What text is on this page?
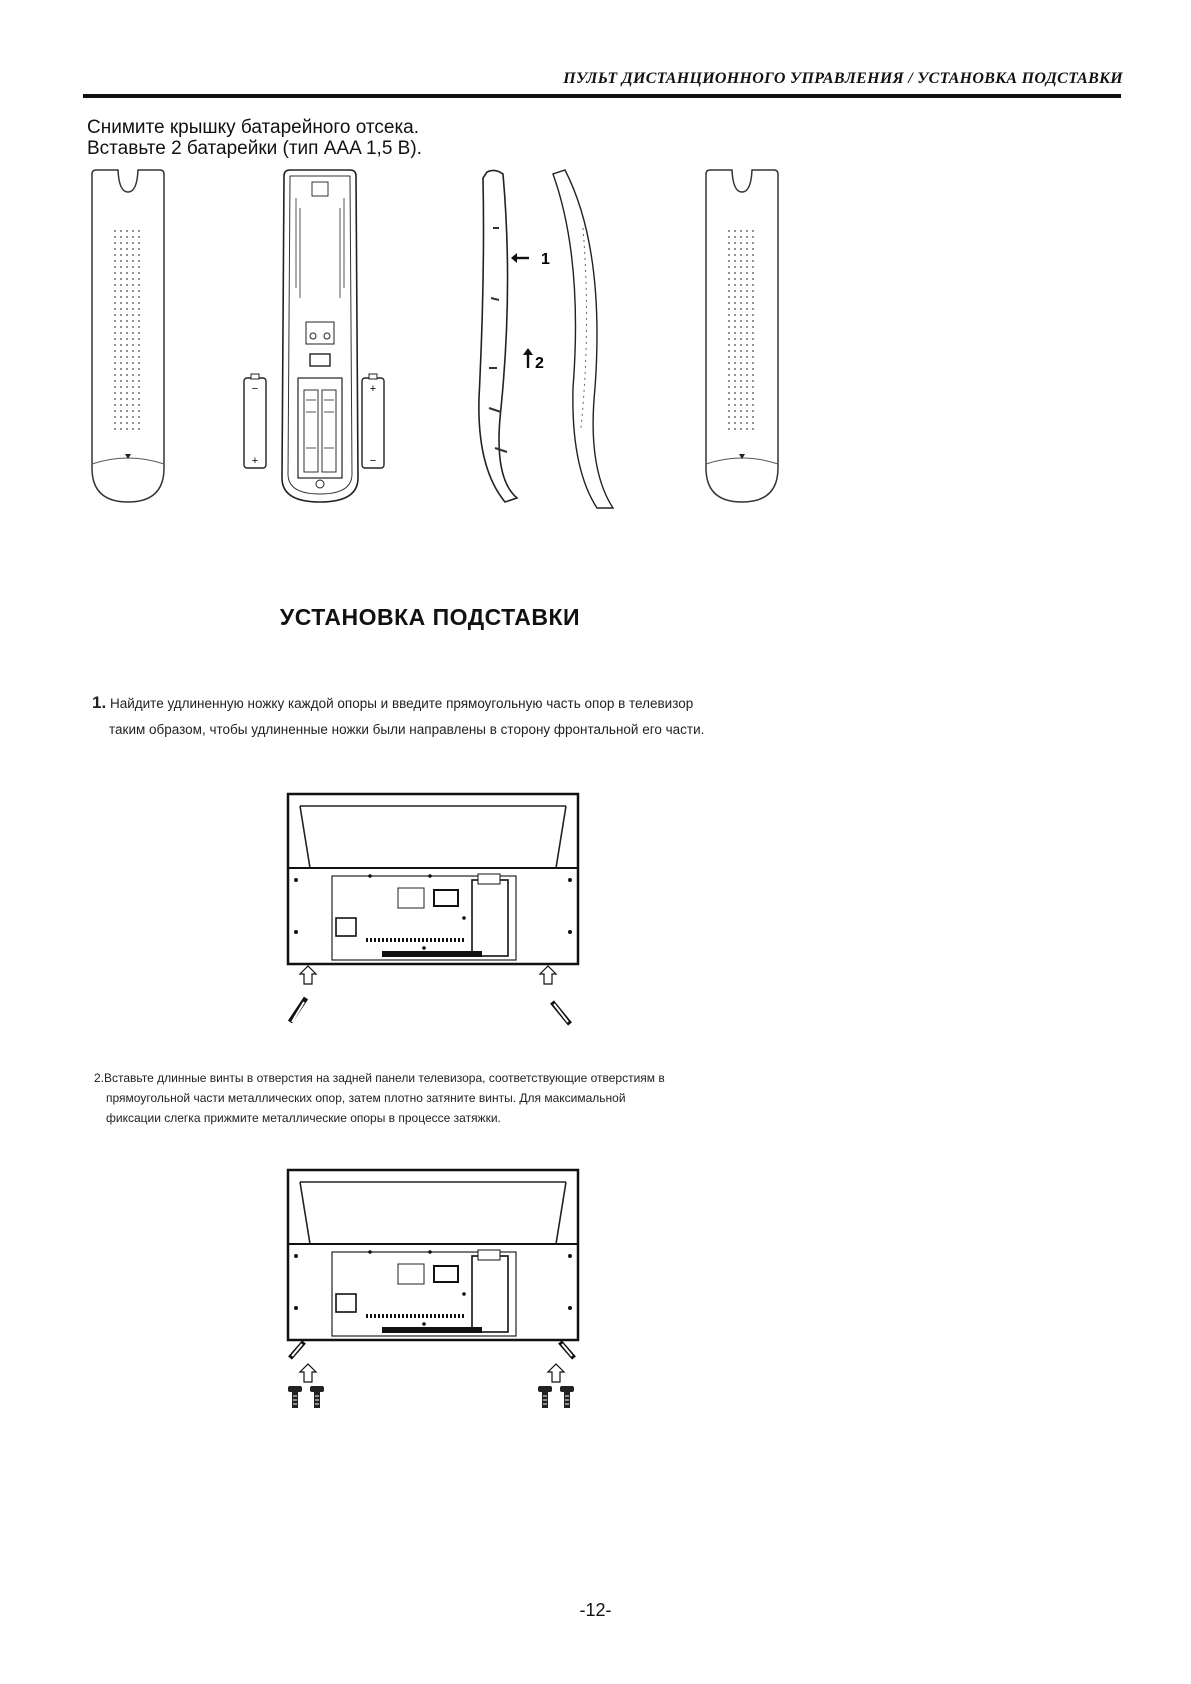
ПУЛЬТ ДИСТАНЦИОННОГО УПРАВЛЕНИЯ / УСТАНОВКА ПОДСТАВКИ
Снимите крышку батарейного отсека.
Вставьте 2 батарейки (тип AAA 1,5 В).
−
+
+
−
1
2
УСТАНОВКА ПОДСТАВКИ
1. Найдите удлиненную ножку каждой опоры и введите прямоугольную часть опор в телевизор
таким образом, чтобы удлиненные ножки были направлены в сторону фронтальной его части.
2.Вставьте длинные винты в отверстия на задней панели телевизора, соответствующие отверстиям в
прямоугольной части металлических опор, затем плотно затяните винты. Для максимальной
фиксации слегка прижмите металлические опоры в процессе затяжки.
-12-
